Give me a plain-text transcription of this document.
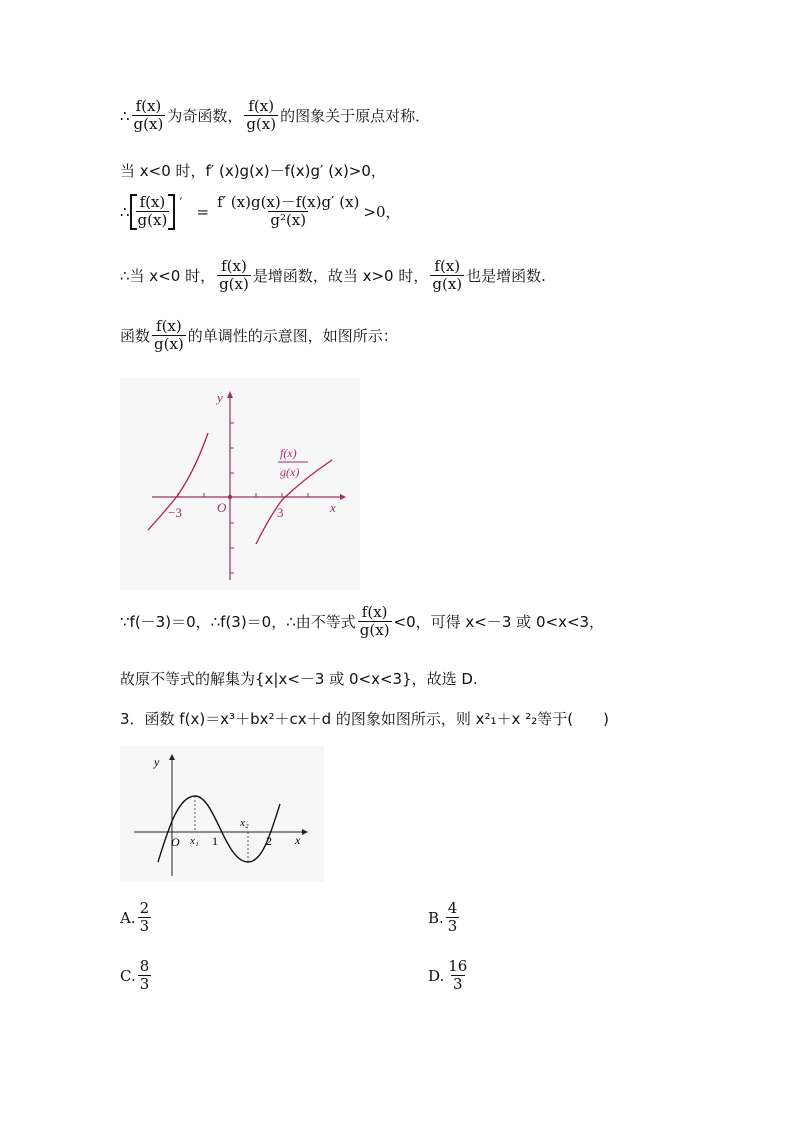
∴ $\frac{f(x)}{g(x)}$ 为奇函数， $\frac{f(x)}{g(x)}$ 的图象关于原点对称．
当 x<0 时，f′ (x)g(x)－f(x)g′ (x)>0，
∴ $\frac{f(x)}{g(x)}$ ′ = $\frac{f' (x)g(x)-f(x)g' (x)}{\text{g²(x)}} >0$，
∴当 x<0 时， $\frac{f(x)}{g(x)}$ 是增函数，故当 x>0 时， $\frac{f(x)}{g(x)}$ 也是增函数.
函数 $\frac{f(x)}{g(x)}$ 的单调性的示意图，如图所示：
y
x
O
−3	3
f(x)
g(x)
∵f(－3)＝0，∴f(3)＝0，∴由不等式 $\frac{f(x)}{g(x)} <0$，可得 x<－3 或 0<x<3，
故原不等式的解集为{x|x<－3 或 0<x<3}，故选 D.
3．函数 f(x)＝x³＋bx²＋cx＋d 的图象如图所示，则 x²₁＋x ²₂等于(　　)
y
x
O x₁ 1
x₂
2
A. $\frac{2}{3}$	B. $\frac{4}{3}$
C. $\frac{8}{3}$	D. $\frac{16}{3}$
